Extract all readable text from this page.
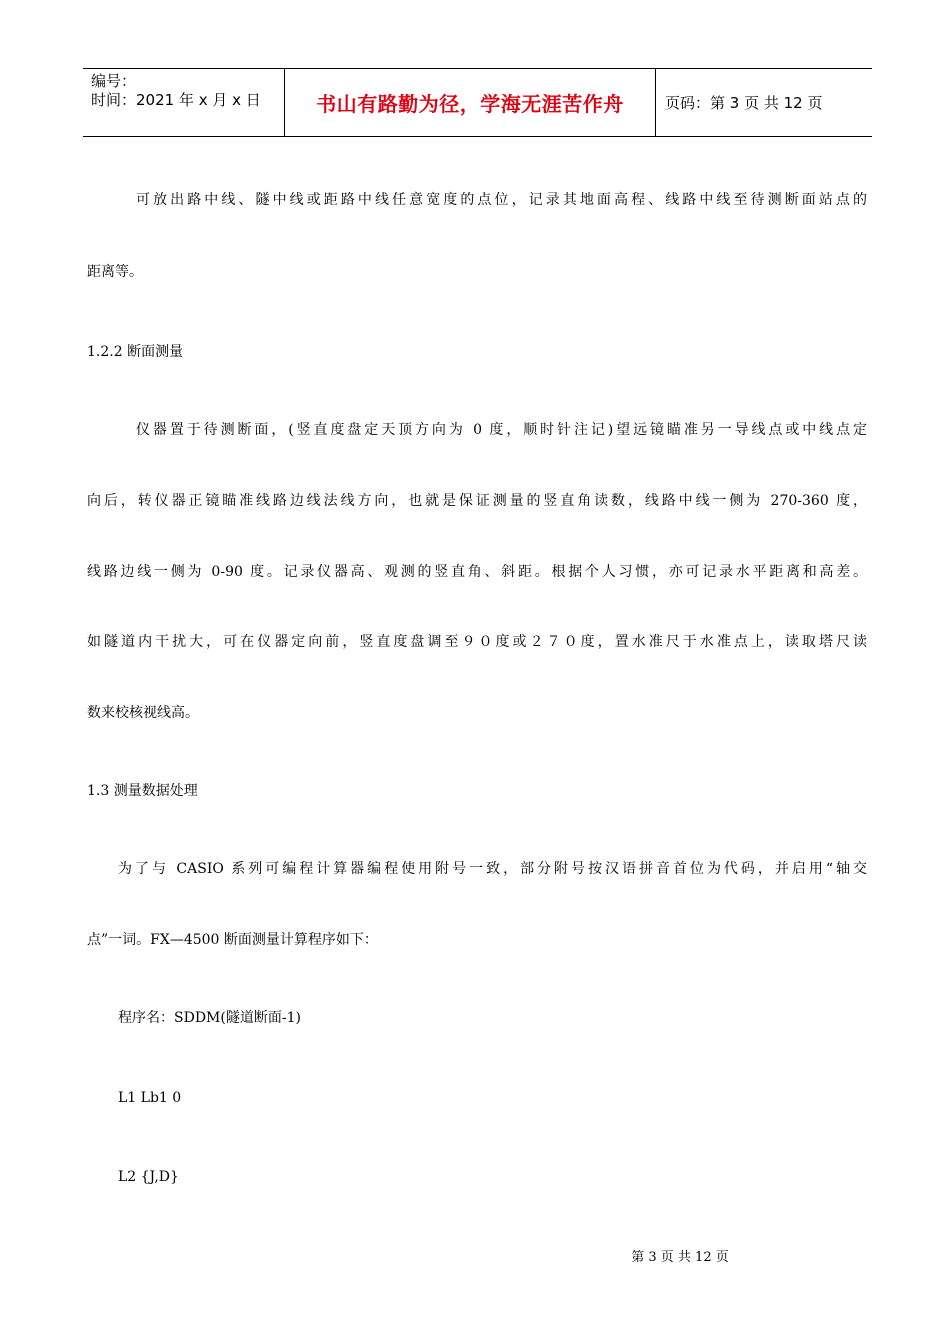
编号：
时间：2021 年 x 月 x 日	书山有路勤为径，学海无涯苦作舟	页码：第 3 页 共 12 页
可放出路中线、隧中线或距路中线任意宽度的点位，记录其地面高程、线路中线至待测断面站点的
距离等。
1.2.2 断面测量
仪器置于待测断面，(竖直度盘定天顶方向为 0 度，顺时针注记)望远镜瞄准另一导线点或中线点定
向后，转仪器正镜瞄准线路边线法线方向，也就是保证测量的竖直角读数，线路中线一侧为 270-360 度，
线路边线一侧为 0-90 度。记录仪器高、观测的竖直角、斜距。根据个人习惯，亦可记录水平距离和高差。
如隧道内干扰大，可在仪器定向前，竖直度盘调至９０度或２７０度，置水准尺于水准点上，读取塔尺读
数来校核视线高。
1.3 测量数据处理
为了与 CASIO 系列可编程计算器编程使用附号一致，部分附号按汉语拼音首位为代码，并启用“轴交
点”一词。FX—4500 断面测量计算程序如下：
程序名：SDDM(隧道断面-1)
L1 Lb1 0
L2 {J,D}
第 3 页 共 12 页
